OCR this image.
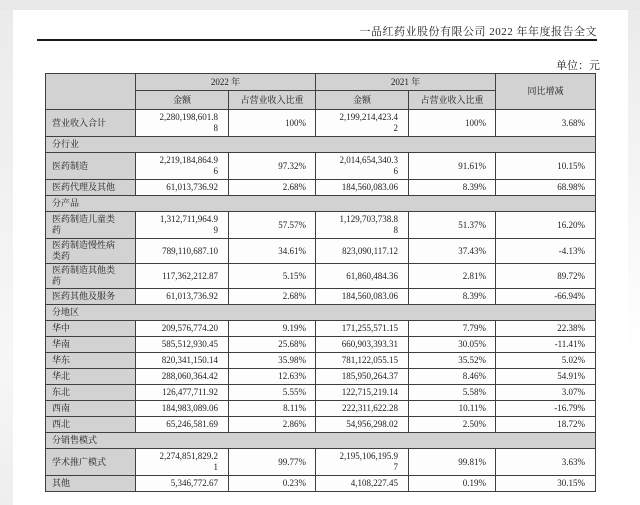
一品红药业股份有限公司 2022 年年度报告全文
单位：元
	2022 年		2021 年		同比增减
	金额	占营业收入比重	金额	占营业收入比重	
营业收入合计	2,280,198,601.88	100%	2,199,214,423.42	100%	3.68%
分行业					
医药制造	2,219,184,864.96	97.32%	2,014,654,340.36	91.61%	10.15%
医药代理及其他	61,013,736.92	2.68%	184,560,083.06	8.39%	68.98%
分产品					
医药制造儿童类药	1,312,711,964.99	57.57%	1,129,703,738.88	51.37%	16.20%
医药制造慢性病类药	789,110,687.10	34.61%	823,090,117.12	37.43%	-4.13%
医药制造其他类药	117,362,212.87	5.15%	61,860,484.36	2.81%	89.72%
医药其他及服务	61,013,736.92	2.68%	184,560,083.06	8.39%	-66.94%
分地区					
华中	209,576,774.20	9.19%	171,255,571.15	7.79%	22.38%
华南	585,512,930.45	25.68%	660,903,393.31	30.05%	-11.41%
华东	820,341,150.14	35.98%	781,122,055.15	35.52%	5.02%
华北	288,060,364.42	12.63%	185,950,264.37	8.46%	54.91%
东北	126,477,711.92	5.55%	122,715,219.14	5.58%	3.07%
西南	184,983,089.06	8.11%	222,311,622.28	10.11%	-16.79%
西北	65,246,581.69	2.86%	54,956,298.02	2.50%	18.72%
分销售模式					
学术推广模式	2,274,851,829.21	99.77%	2,195,106,195.97	99.81%	3.63%
其他	5,346,772.67	0.23%	4,108,227.45	0.19%	30.15%
